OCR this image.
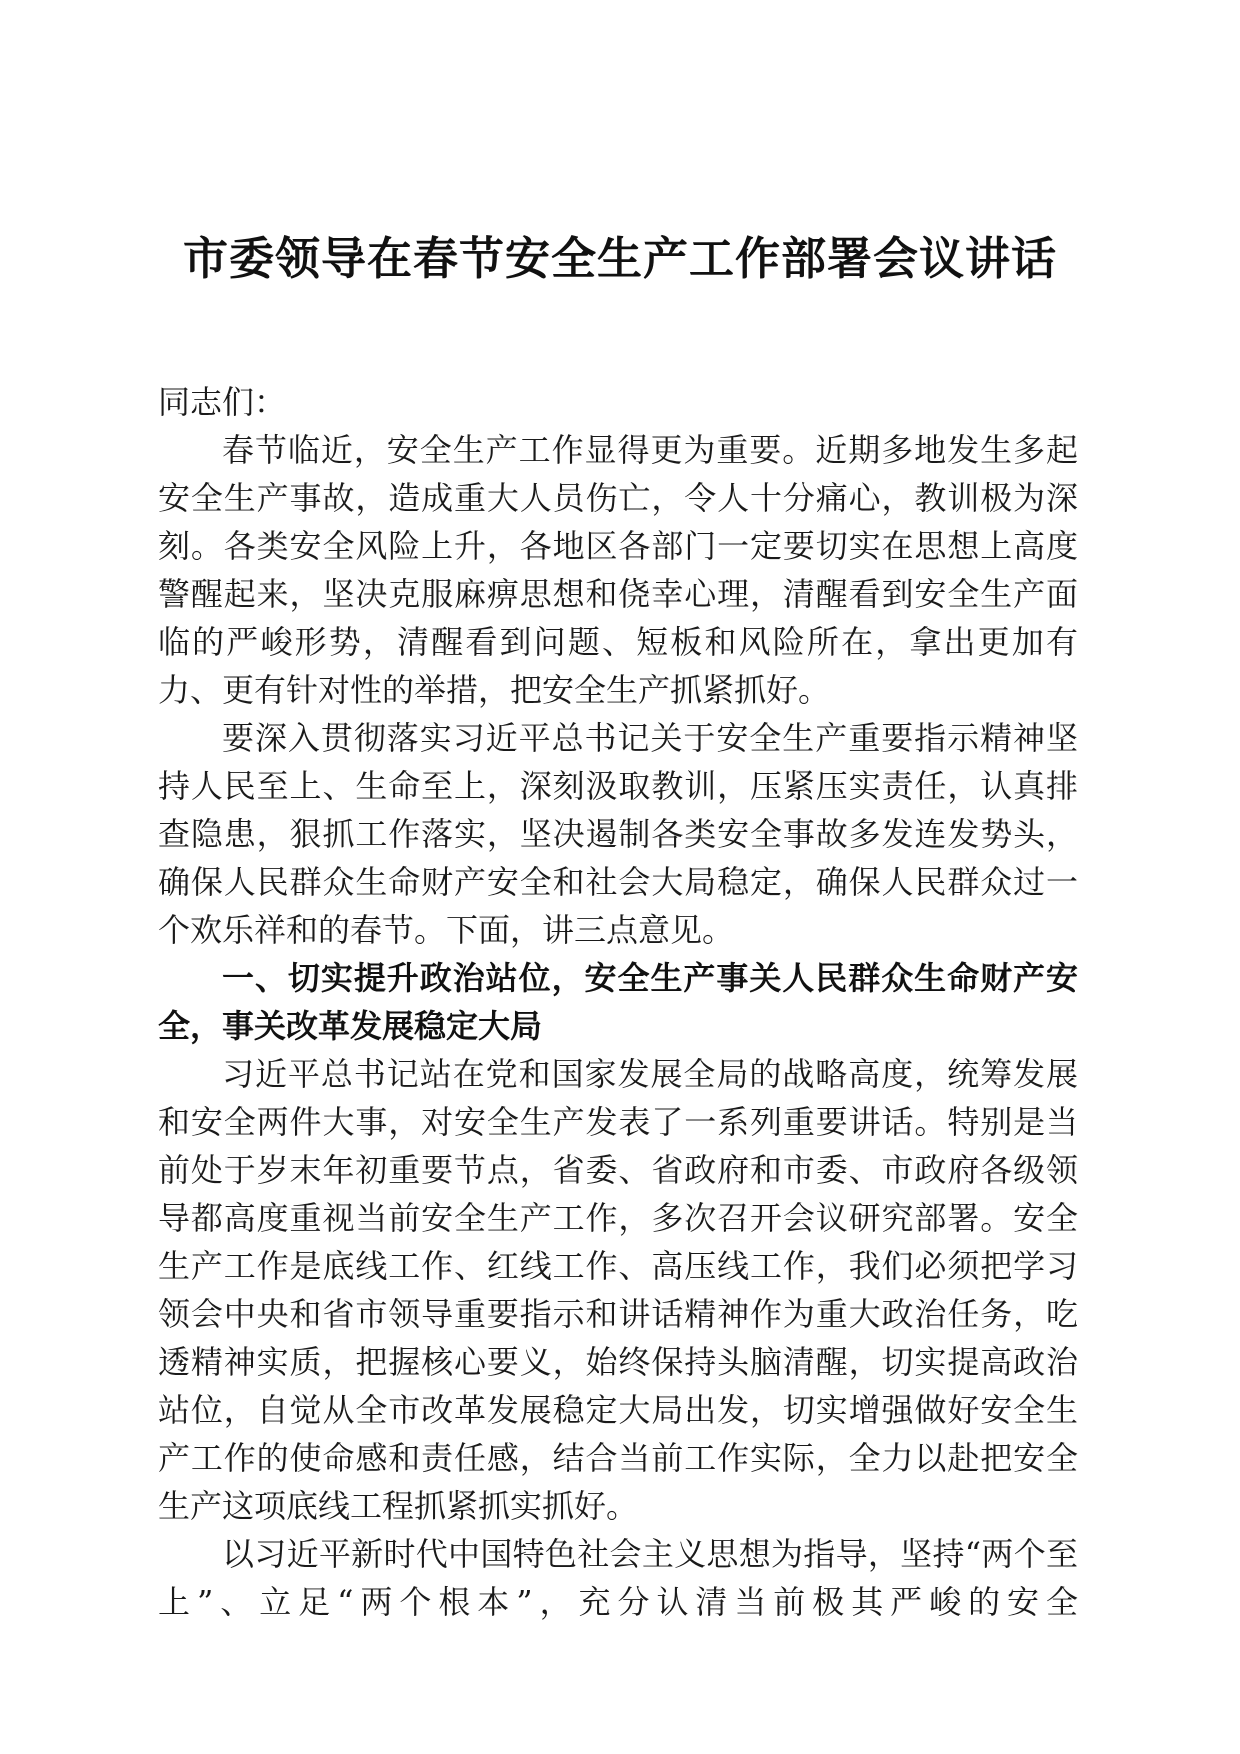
市委领导在春节安全生产工作部署会议讲话

同志们：

春节临近，安全生产工作显得更为重要。近期多地发生多起安全生产事故，造成重大人员伤亡，令人十分痛心，教训极为深刻。各类安全风险上升，各地区各部门一定要切实在思想上高度警醒起来，坚决克服麻痹思想和侥幸心理，清醒看到安全生产面临的严峻形势，清醒看到问题、短板和风险所在，拿出更加有力、更有针对性的举措，把安全生产抓紧抓好。

要深入贯彻落实习近平总书记关于安全生产重要指示精神坚持人民至上、生命至上，深刻汲取教训，压紧压实责任，认真排查隐患，狠抓工作落实，坚决遏制各类安全事故多发连发势头，确保人民群众生命财产安全和社会大局稳定，确保人民群众过一个欢乐祥和的春节。下面，讲三点意见。

一、切实提升政治站位，安全生产事关人民群众生命财产安全，事关改革发展稳定大局

习近平总书记站在党和国家发展全局的战略高度，统筹发展和安全两件大事，对安全生产发表了一系列重要讲话。特别是当前处于岁末年初重要节点，省委、省政府和市委、市政府各级领导都高度重视当前安全生产工作，多次召开会议研究部署。安全生产工作是底线工作、红线工作、高压线工作，我们必须把学习领会中央和省市领导重要指示和讲话精神作为重大政治任务，吃透精神实质，把握核心要义，始终保持头脑清醒，切实提高政治站位，自觉从全市改革发展稳定大局出发，切实增强做好安全生产工作的使命感和责任感，结合当前工作实际，全力以赴把安全生产这项底线工程抓紧抓实抓好。

以习近平新时代中国特色社会主义思想为指导，坚持“两个至上”、立足“两个根本”，充分认清当前极其严峻的安全
